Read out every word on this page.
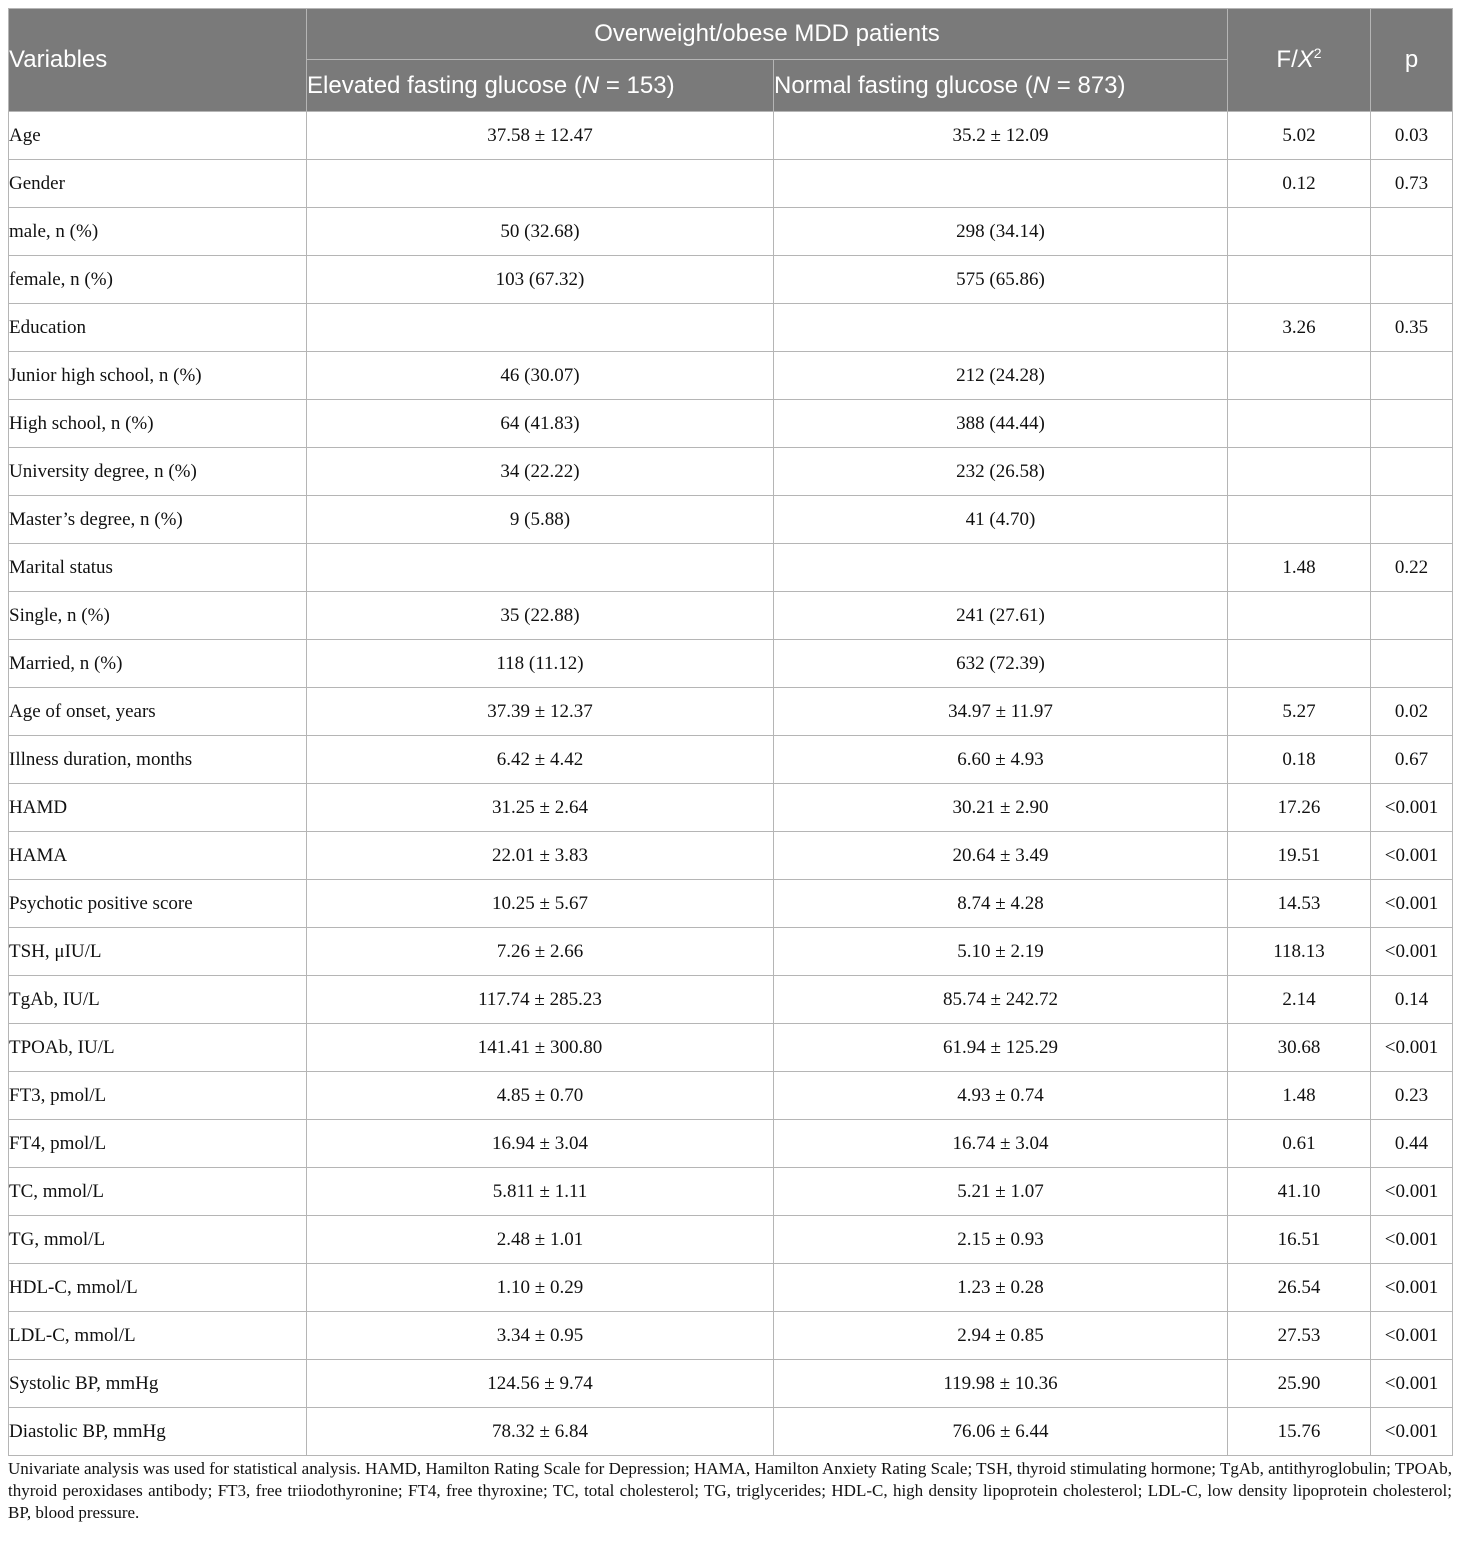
Variables	Overweight/obese MDD patients		$F/X^2$	p
	Elevated fasting glucose (N = 153)	Normal fasting glucose (N = 873)		
Age	37.58 ± 12.47	35.2 ± 12.09	5.02	0.03
Gender			0.12	0.73
male, n (%)	50 (32.68)	298 (34.14)		
female, n (%)	103 (67.32)	575 (65.86)		
Education			3.26	0.35
Junior high school, n (%)	46 (30.07)	212 (24.28)		
High school, n (%)	64 (41.83)	388 (44.44)		
University degree, n (%)	34 (22.22)	232 (26.58)		
Master’s degree, n (%)	9 (5.88)	41 (4.70)		
Marital status			1.48	0.22
Single, n (%)	35 (22.88)	241 (27.61)		
Married, n (%)	118 (11.12)	632 (72.39)		
Age of onset, years	37.39 ± 12.37	34.97 ± 11.97	5.27	0.02
Illness duration, months	6.42 ± 4.42	6.60 ± 4.93	0.18	0.67
HAMD	31.25 ± 2.64	30.21 ± 2.90	17.26	<0.001
HAMA	22.01 ± 3.83	20.64 ± 3.49	19.51	<0.001
Psychotic positive score	10.25 ± 5.67	8.74 ± 4.28	14.53	<0.001
TSH, μIU/L	7.26 ± 2.66	5.10 ± 2.19	118.13	<0.001
TgAb, IU/L	117.74 ± 285.23	85.74 ± 242.72	2.14	0.14
TPOAb, IU/L	141.41 ± 300.80	61.94 ± 125.29	30.68	<0.001
FT3, pmol/L	4.85 ± 0.70	4.93 ± 0.74	1.48	0.23
FT4, pmol/L	16.94 ± 3.04	16.74 ± 3.04	0.61	0.44
TC, mmol/L	5.811 ± 1.11	5.21 ± 1.07	41.10	<0.001
TG, mmol/L	2.48 ± 1.01	2.15 ± 0.93	16.51	<0.001
HDL-C, mmol/L	1.10 ± 0.29	1.23 ± 0.28	26.54	<0.001
LDL-C, mmol/L	3.34 ± 0.95	2.94 ± 0.85	27.53	<0.001
Systolic BP, mmHg	124.56 ± 9.74	119.98 ± 10.36	25.90	<0.001
Diastolic BP, mmHg	78.32 ± 6.84	76.06 ± 6.44	15.76	<0.001
Univariate analysis was used for statistical analysis. HAMD, Hamilton Rating Scale for Depression; HAMA, Hamilton Anxiety Rating Scale; TSH, thyroid stimulating hormone; TgAb, antithyroglobulin; TPOAb, thyroid peroxidases antibody; FT3, free triiodothyronine; FT4, free thyroxine; TC, total cholesterol; TG, triglycerides; HDL-C, high density lipoprotein cholesterol; LDL-C, low density lipoprotein cholesterol; BP, blood pressure.
